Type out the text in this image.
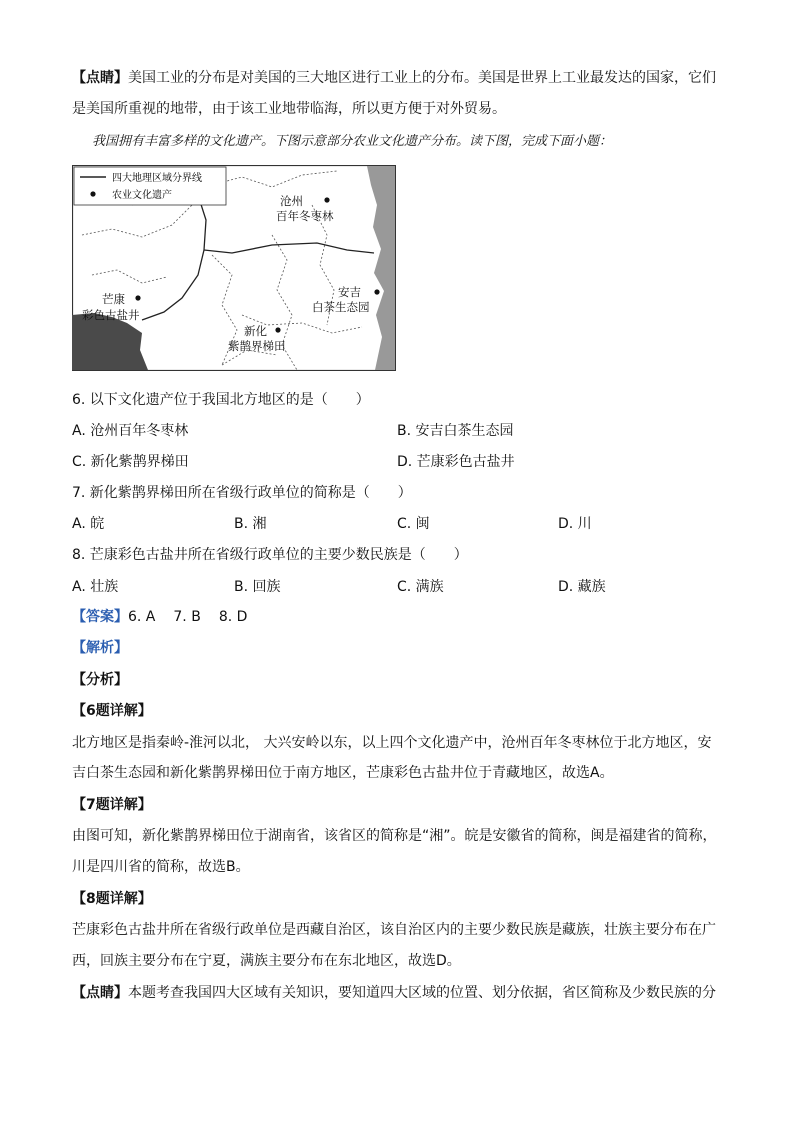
【点睛】美国工业的分布是对美国的三大地区进行工业上的分布。美国是世界上工业最发达的国家，它们
是美国所重视的地带，由于该工业地带临海，所以更方便于对外贸易。
我国拥有丰富多样的文化遗产。下图示意部分农业文化遗产分布。读下图，完成下面小题：
四大地理区域分界线
农业文化遗产	沧州
百年冬枣林
安吉
白茶生态园
芒康
彩色古盐井
新化
紫鹊界梯田
6. 以下文化遗产位于我国北方地区的是（　　）
A. 沧州百年冬枣林	B. 安吉白茶生态园
C. 新化紫鹊界梯田	D. 芒康彩色古盐井
7. 新化紫鹊界梯田所在省级行政单位的简称是（　　）
A. 皖	B. 湘	C. 闽	D. 川
8. 芒康彩色古盐井所在省级行政单位的主要少数民族是（　　）
A. 壮族	B. 回族	C. 满族	D. 藏族
【答案】6. A 7. B 8. D
【解析】
【分析】
【6题详解】
北方地区是指秦岭-淮河以北， 大兴安岭以东，以上四个文化遗产中，沧州百年冬枣林位于北方地区，安
吉白茶生态园和新化紫鹊界梯田位于南方地区，芒康彩色古盐井位于青藏地区，故选A。
【7题详解】
由图可知，新化紫鹊界梯田位于湖南省，该省区的简称是“湘”。皖是安徽省的简称，闽是福建省的简称，
川是四川省的简称，故选B。
【8题详解】
芒康彩色古盐井所在省级行政单位是西藏自治区，该自治区内的主要少数民族是藏族，壮族主要分布在广
西，回族主要分布在宁夏，满族主要分布在东北地区，故选D。
【点睛】本题考查我国四大区域有关知识，要知道四大区域的位置、划分依据，省区简称及少数民族的分
